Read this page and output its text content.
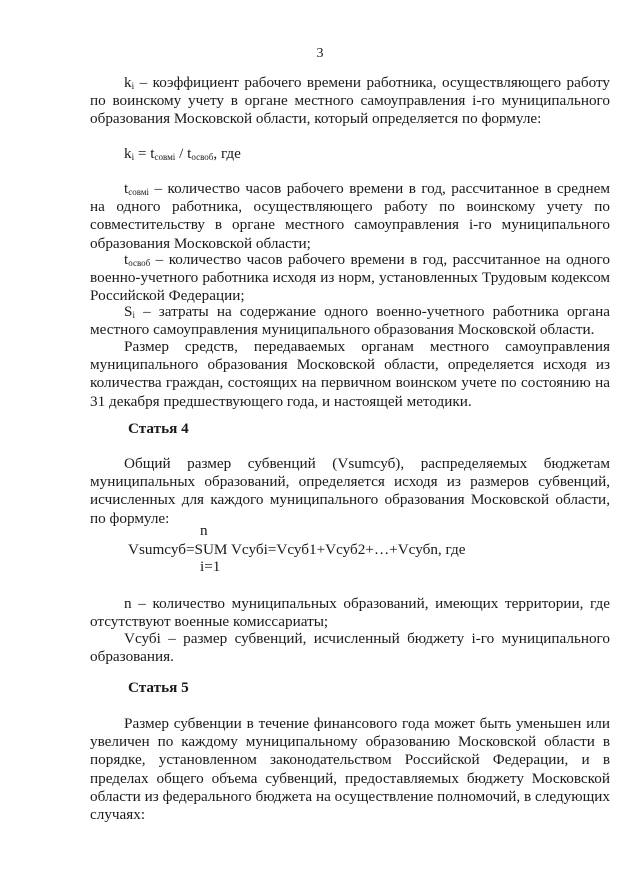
3
$k_i$ – коэффициент рабочего времени работника, осуществляющего работу по воинскому учету в органе местного самоуправления i-го муниципального образования Московской области, который определяется по формуле:
$k_i = t_{совмi} / t_{освоб}$, где
$t_{совмi}$ – количество часов рабочего времени в год, рассчитанное в среднем на одного работника, осуществляющего работу по воинскому учету по совместительству в органе местного самоуправления i-го муниципального образования Московской области;
$t_{освоб}$ – количество часов рабочего времени в год, рассчитанное на одного военно-учетного работника исходя из норм, установленных Трудовым кодексом Российской Федерации;
$S_i$ – затраты на содержание одного военно-учетного работника органа местного самоуправления муниципального образования Московской области.
Размер средств, передаваемых органам местного самоуправления муниципального образования Московской области, определяется исходя из количества граждан, состоящих на первичном воинском учете по состоянию на 31 декабря предшествующего года, и настоящей методики.
Статья 4
Общий размер субвенций (Vsumсуб), распределяемых бюджетам муниципальных образований, определяется исходя из размеров субвенций, исчисленных для каждого муниципального образования Московской области, по формуле:
n
Vsumсуб=SUM Vсубi=Vсуб1+Vсуб2+…+Vсубn, где
i=1
n – количество муниципальных образований, имеющих территории, где отсутствуют военные комиссариаты;
Vсубi – размер субвенций, исчисленный бюджету i-го муниципального образования.
Статья 5
Размер субвенции в течение финансового года может быть уменьшен или увеличен по каждому муниципальному образованию Московской области в порядке, установленном законодательством Российской Федерации, и в пределах общего объема субвенций, предоставляемых бюджету Московской области из федерального бюджета на осуществление полномочий, в следующих случаях:
